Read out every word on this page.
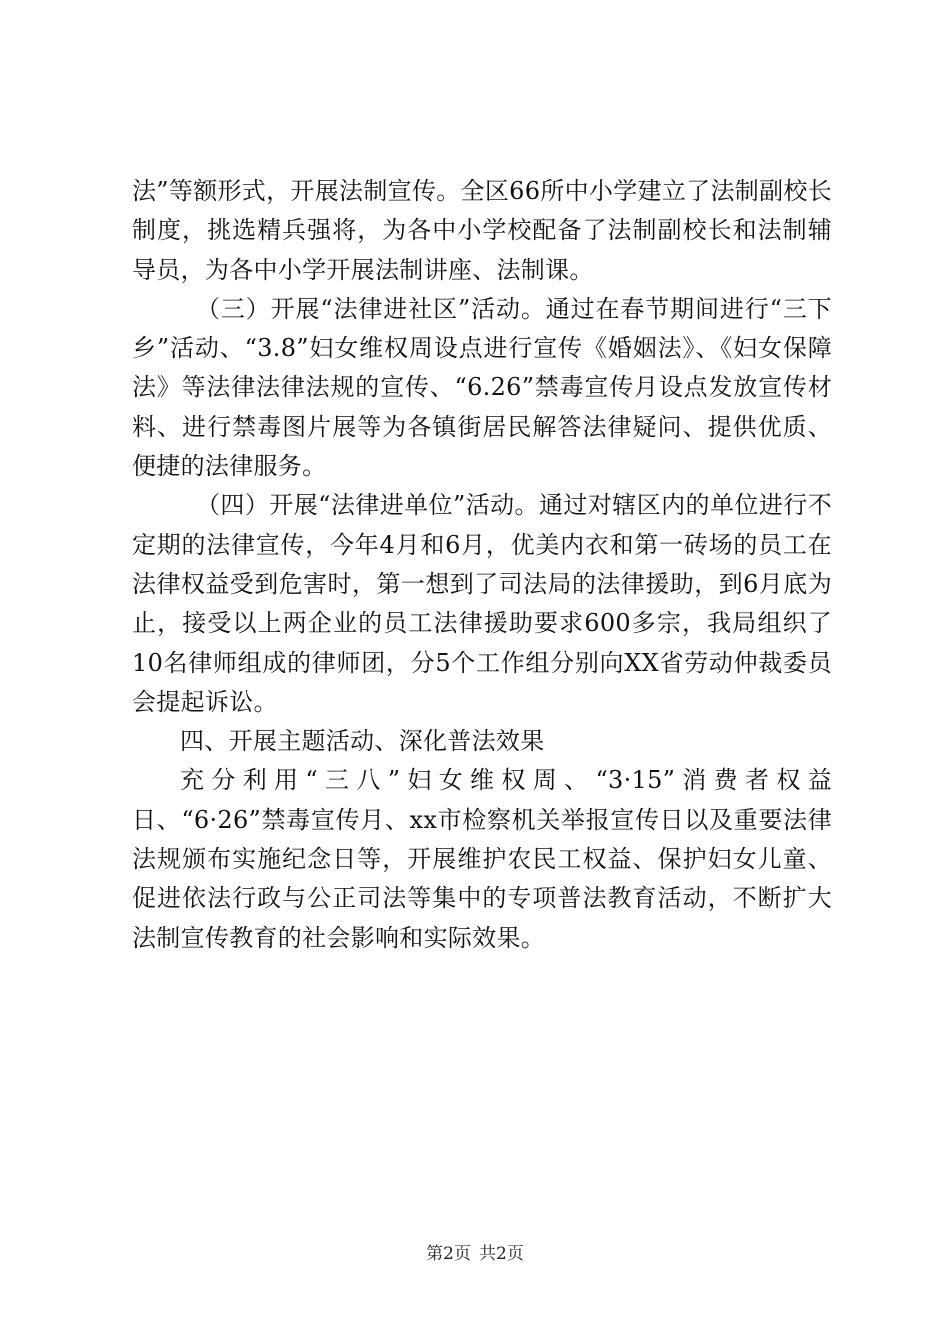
法”等额形式，开展法制宣传。全区66所中小学建立了法制副校长制度，挑选精兵强将，为各中小学校配备了法制副校长和法制辅导员，为各中小学开展法制讲座、法制课。

（三）开展“法律进社区”活动。通过在春节期间进行“三下乡”活动、“3.8”妇女维权周设点进行宣传《婚姻法》、《妇女保障法》等法律法律法规的宣传、“6.26”禁毒宣传月设点发放宣传材料、进行禁毒图片展等为各镇街居民解答法律疑问、提供优质、便捷的法律服务。

（四）开展“法律进单位”活动。通过对辖区内的单位进行不定期的法律宣传，今年4月和6月，优美内衣和第一砖场的员工在法律权益受到危害时，第一想到了司法局的法律援助，到6月底为止，接受以上两企业的员工法律援助要求600多宗，我局组织了10名律师组成的律师团，分5个工作组分别向XX省劳动仲裁委员会提起诉讼。

四、开展主题活动、深化普法效果

充分利用“三八”妇女维权周、“3·15”消费者权益日、“6·26”禁毒宣传月、xx市检察机关举报宣传日以及重要法律法规颁布实施纪念日等，开展维护农民工权益、保护妇女儿童、促进依法行政与公正司法等集中的专项普法教育活动，不断扩大法制宣传教育的社会影响和实际效果。

第2页 共2页
